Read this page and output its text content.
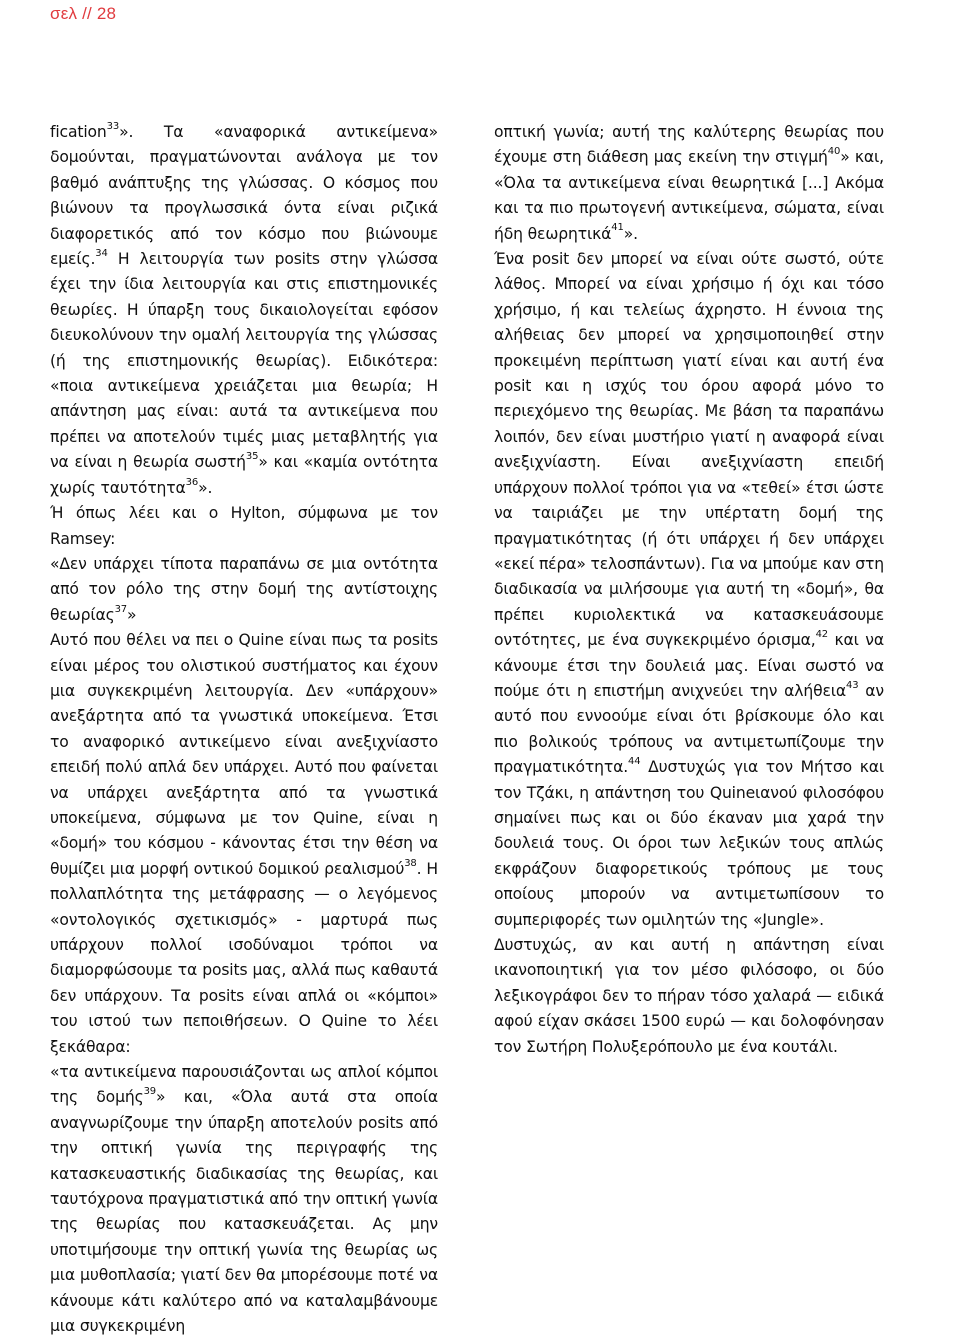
σελ // 28

fication$^{33}$». Τα «αναφορικά αντικείμενα» δομούνται, πραγματώνονται ανάλογα με τον βαθμό ανάπτυξης της γλώσσας. Ο κόσμος που βιώνουν τα προγλωσσικά όντα είναι ριζικά διαφορετικός από τον κόσμο που βιώνουμε εμείς.$^{34}$ Η λειτουργία των posits στην γλώσσα έχει την ίδια λειτουργία και στις επιστημονικές θεωρίες. Η ύπαρξη τους δικαιολογείται εφόσον διευκολύνουν την ομαλή λειτουργία της γλώσσας (ή της επιστημονικής θεωρίας). Ειδικότερα: «ποια αντικείμενα χρειάζεται μια θεωρία; Η απάντηση μας είναι: αυτά τα αντικείμενα που πρέπει να αποτελούν τιμές μιας μεταβλητής για να είναι η θεωρία σωστή$^{35}$» και «καμία οντότητα χωρίς ταυτότητα$^{36}$».

Ή όπως λέει και ο Hylton, σύμφωνα με τον Ramsey:

«Δεν υπάρχει τίποτα παραπάνω σε μια οντότητα από τον ρόλο της στην δομή της αντίστοιχης θεωρίας$^{37}$»

Αυτό που θέλει να πει ο Quine είναι πως τα posits είναι μέρος του ολιστικού συστήματος και έχουν μια συγκεκριμένη λειτουργία. Δεν «υπάρχουν» ανεξάρτητα από τα γνωστικά υποκείμενα. Έτσι το αναφορικό αντικείμενο είναι ανεξιχνίαστο επειδή πολύ απλά δεν υπάρχει. Αυτό που φαίνεται να υπάρχει ανεξάρτητα από τα γνωστικά υποκείμενα, σύμφωνα με τον Quine, είναι η «δομή» του κόσμου - κάνοντας έτσι την θέση να θυμίζει μια μορφή οντικού δομικού ρεαλισμού$^{38}$. Η πολλαπλότητα της μετάφρασης — ο λεγόμενος «οντολογικός σχετικισμός» - μαρτυρά πως υπάρχουν πολλοί ισοδύναμοι τρόποι να διαμορφώσουμε τα posits μας, αλλά πως καθαυτά δεν υπάρχουν. Τα posits είναι απλά οι «κόμποι» του ιστού των πεποιθήσεων. Ο Quine το λέει ξεκάθαρα:

«τα αντικείμενα παρουσιάζονται ως απλοί κόμποι της δομής$^{39}$» και, «Όλα αυτά στα οποία αναγνωρίζουμε την ύπαρξη αποτελούν posits από την οπτική γωνία της περιγραφής της κατασκευαστικής διαδικασίας της θεωρίας, και ταυτόχρονα πραγματιστικά από την οπτική γωνία της θεωρίας που κατασκευάζεται. Ας μην υποτιμήσουμε την οπτική γωνία της θεωρίας ως μια μυθοπλασία; γιατί δεν θα μπορέσουμε ποτέ να κάνουμε κάτι καλύτερο από να καταλαμβάνουμε μια συγκεκριμένη

οπτική γωνία; αυτή της καλύτερης θεωρίας που έχουμε στη διάθεση μας εκείνη την στιγμή$^{40}$» και, «Όλα τα αντικείμενα είναι θεωρητικά [...] Ακόμα και τα πιο πρωτογενή αντικείμενα, σώματα, είναι ήδη θεωρητικά$^{41}$».

Ένα posit δεν μπορεί να είναι ούτε σωστό, ούτε λάθος. Μπορεί να είναι χρήσιμο ή όχι και τόσο χρήσιμο, ή και τελείως άχρηστο. Η έννοια της αλήθειας δεν μπορεί να χρησιμοποιηθεί στην προκειμένη περίπτωση γιατί είναι και αυτή ένα posit και η ισχύς του όρου αφορά μόνο το περιεχόμενο της θεωρίας. Με βάση τα παραπάνω λοιπόν, δεν είναι μυστήριο γιατί η αναφορά είναι ανεξιχνίαστη. Είναι ανεξιχνίαστη επειδή υπάρχουν πολλοί τρόποι για να «τεθεί» έτσι ώστε να ταιριάζει με την υπέρτατη δομή της πραγματικότητας (ή ότι υπάρχει ή δεν υπάρχει «εκεί πέρα» τελοσπάντων). Για να μπούμε καν στη διαδικασία να μιλήσουμε για αυτή τη «δομή», θα πρέπει κυριολεκτικά να κατασκευάσουμε οντότητες, με ένα συγκεκριμένο όρισμα,$^{42}$ και να κάνουμε έτσι την δουλειά μας. Είναι σωστό να πούμε ότι η επιστήμη ανιχνεύει την αλήθεια$^{43}$ αν αυτό που εννοούμε είναι ότι βρίσκουμε όλο και πιο βολικούς τρόπους να αντιμετωπίζουμε την πραγματικότητα.$^{44}$ Δυστυχώς για τον Μήτσο και τον Τζάκι, η απάντηση του Quineιανού φιλοσόφου σημαίνει πως και οι δύο έκαναν μια χαρά την δουλειά τους. Οι όροι των λεξικών τους απλώς εκφράζουν διαφορετικούς τρόπους με τους οποίους μπορούν να αντιμετωπίσουν το συμπεριφορές των ομιλητών της «Jungle».

Δυστυχώς, αν και αυτή η απάντηση είναι ικανοποιητική για τον μέσο φιλόσοφο, οι δύο λεξικογράφοι δεν το πήραν τόσο χαλαρά — ειδικά αφού είχαν σκάσει 1500 ευρώ — και δολοφόνησαν τον Σωτήρη Πολυξερόπουλο με ένα κουτάλι.
